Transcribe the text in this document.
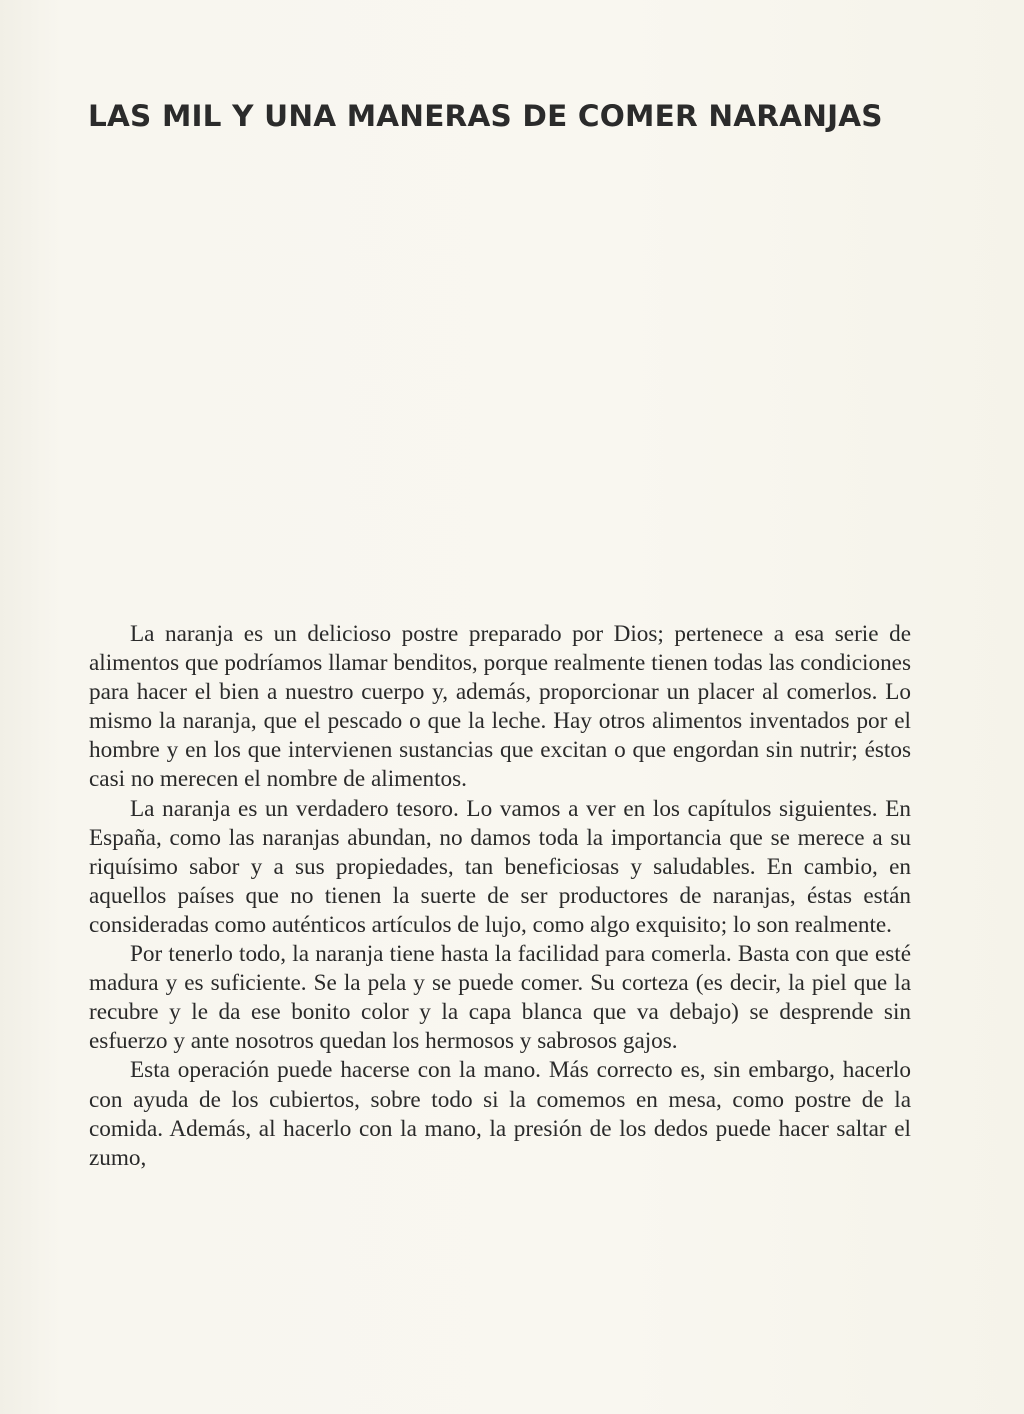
LAS MIL Y UNA MANERAS DE COMER NARANJAS

La naranja es un delicioso postre preparado por Dios; pertenece a esa serie de alimentos que podríamos llamar benditos, porque realmente tienen todas las condiciones para hacer el bien a nuestro cuerpo y, además, proporcionar un placer al comerlos. Lo mismo la naranja, que el pescado o que la leche. Hay otros alimentos inventados por el hombre y en los que intervienen sustancias que excitan o que engordan sin nutrir; éstos casi no merecen el nombre de alimentos.

La naranja es un verdadero tesoro. Lo vamos a ver en los capítulos siguientes. En España, como las naranjas abundan, no damos toda la importancia que se merece a su riquísimo sabor y a sus propiedades, tan beneficiosas y saludables. En cambio, en aquellos países que no tienen la suerte de ser productores de naranjas, éstas están consideradas como auténticos artículos de lujo, como algo exquisito; lo son realmente.

Por tenerlo todo, la naranja tiene hasta la facilidad para comerla. Basta con que esté madura y es suficiente. Se la pela y se puede comer. Su corteza (es decir, la piel que la recubre y le da ese bonito color y la capa blanca que va debajo) se desprende sin esfuerzo y ante nosotros quedan los hermosos y sabrosos gajos.

Esta operación puede hacerse con la mano. Más correcto es, sin embargo, hacerlo con ayuda de los cubiertos, sobre todo si la comemos en mesa, como postre de la comida. Además, al hacerlo con la mano, la presión de los dedos puede hacer saltar el zumo,
